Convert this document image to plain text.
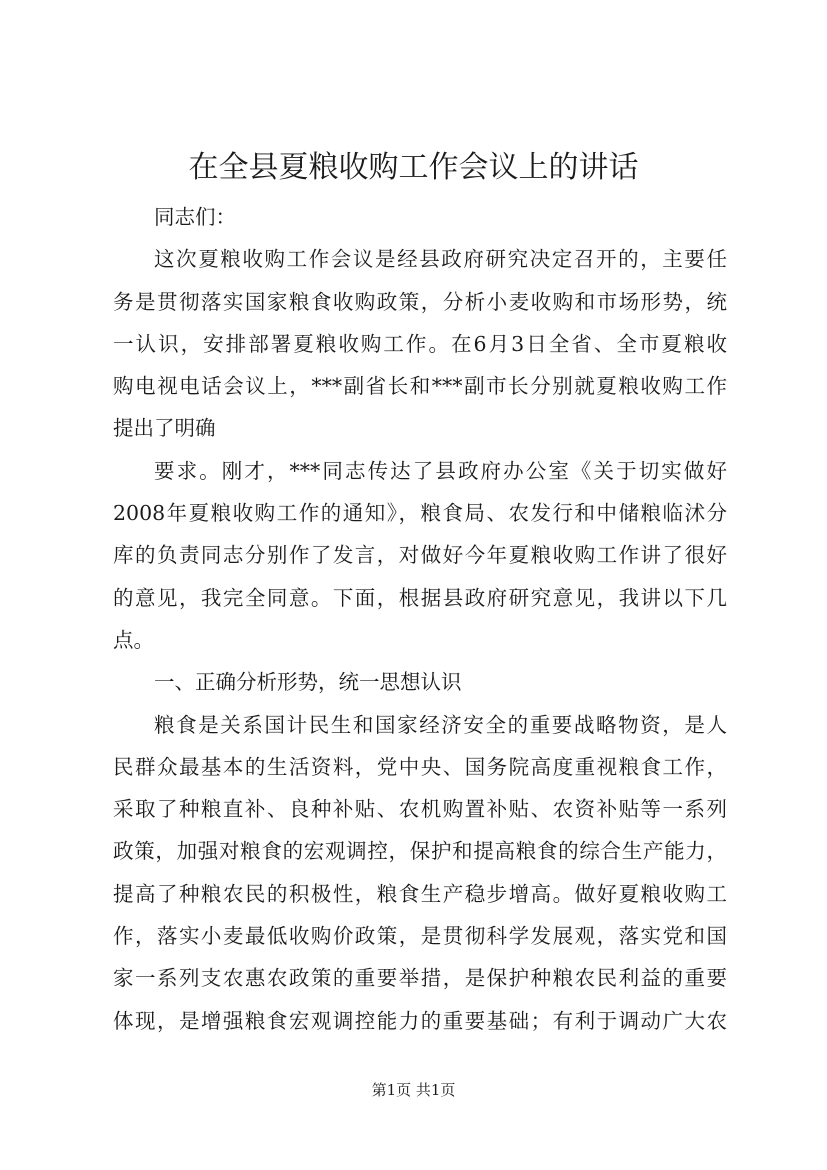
在全县夏粮收购工作会议上的讲话
同志们：
这次夏粮收购工作会议是经县政府研究决定召开的，主要任
务是贯彻落实国家粮食收购政策，分析小麦收购和市场形势，统
一认识，安排部署夏粮收购工作。在6月3日全省、全市夏粮收
购电视电话会议上，***副省长和***副市长分别就夏粮收购工作
提出了明确
要求。刚才，***同志传达了县政府办公室《关于切实做好
2008年夏粮收购工作的通知》，粮食局、农发行和中储粮临沭分
库的负责同志分别作了发言，对做好今年夏粮收购工作讲了很好
的意见，我完全同意。下面，根据县政府研究意见，我讲以下几
点。
一、正确分析形势，统一思想认识
粮食是关系国计民生和国家经济安全的重要战略物资，是人
民群众最基本的生活资料，党中央、国务院高度重视粮食工作，
采取了种粮直补、良种补贴、农机购置补贴、农资补贴等一系列
政策，加强对粮食的宏观调控，保护和提高粮食的综合生产能力，
提高了种粮农民的积极性，粮食生产稳步增高。做好夏粮收购工
作，落实小麦最低收购价政策，是贯彻科学发展观，落实党和国
家一系列支农惠农政策的重要举措，是保护种粮农民利益的重要
体现，是增强粮食宏观调控能力的重要基础；有利于调动广大农
第1页 共1页
